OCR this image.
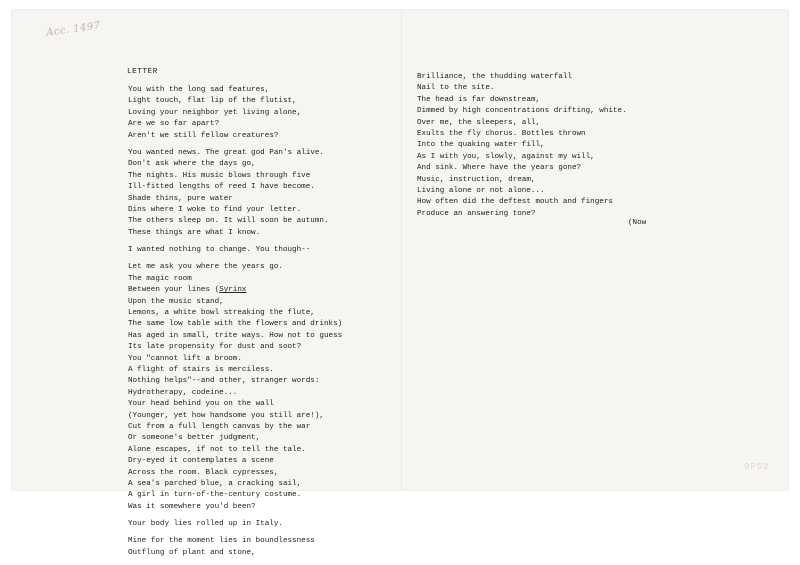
Acc. 1497
LETTER
You with the long sad features,
Light touch, flat lip of the flutist,
Loving your neighbor yet living alone,
Are we so far apart?
Aren't we still fellow creatures?
You wanted news. The great god Pan's alive.
Don't ask where the days go,
The nights. His music blows through five
Ill-fitted lengths of reed I have become.
Shade thins, pure water
Dins where I woke to find your letter.
The others sleep on. It will soon be autumn.
These things are what I know.
I wanted nothing to change. You though--
Let me ask you where the years go.
The magic room
Between your lines (Syrinx
Upon the music stand,
Lemons, a white bowl streaking the flute,
The same low table with the flowers and drinks)
Has aged in small, trite ways. How not to guess
Its late propensity for dust and soot?
You "cannot lift a broom.
A flight of stairs is merciless.
Nothing helps"--and other, stranger words:
Hydrotherapy, codeine...
Your head behind you on the wall
(Younger, yet how handsome you still are!),
Cut from a full length canvas by the war
Or someone's better judgment,
Alone escapes, if not to tell the tale.
Dry-eyed it contemplates a scene
Across the room. Black cypresses,
A sea's parched blue, a cracking sail,
A girl in turn-of-the-century costume.
Was it somewhere you'd been?
Your body lies rolled up in Italy.
Mine for the moment lies in boundlessness
Outflung of plant and stone,
Brilliance, the thudding waterfall
Nail to the site.
The head is far downstream,
Dimmed by high concentrations drifting, white.
Over me, the sleepers, all,
Exults the fly chorus. Bottles thrown
Into the quaking water fill,
As I with you, slowly, against my will,
And sink. Where have the years gone?
Music, instruction, dream,
Living alone or not alone...
How often did the deftest mouth and fingers
Produce an answering tone?
(Now
9PS2
